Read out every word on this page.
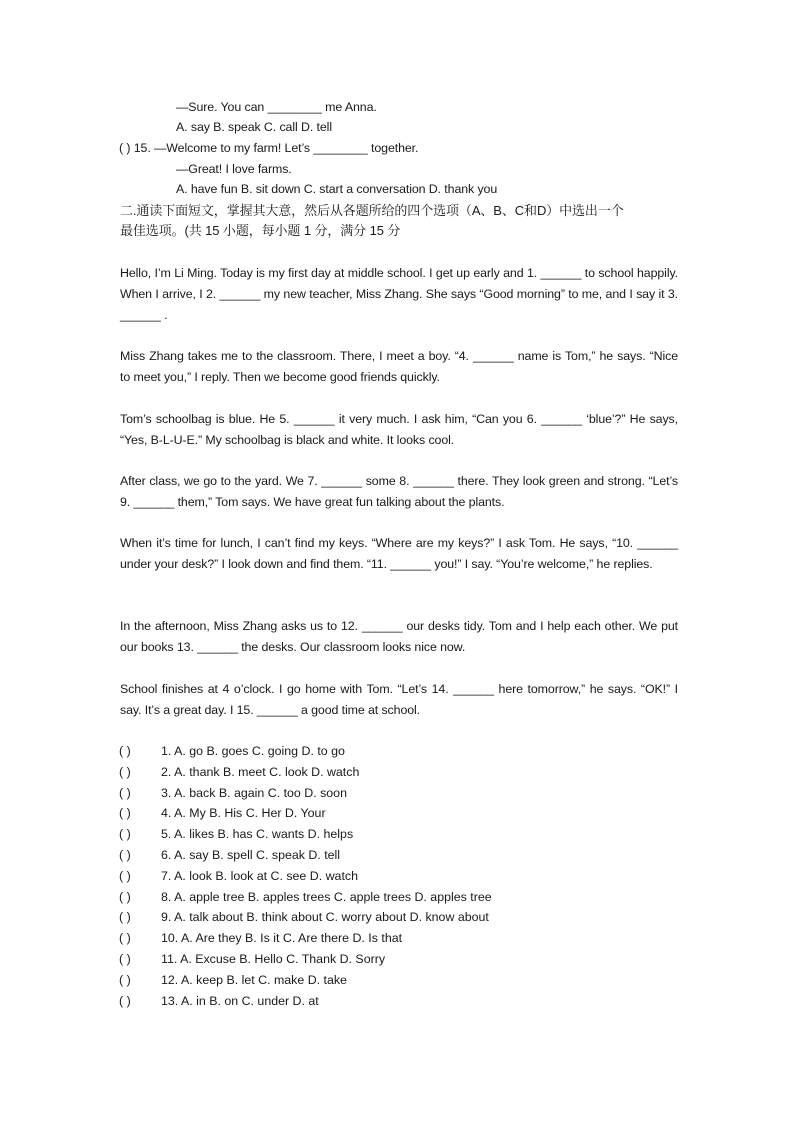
—Sure. You can ________ me Anna.
A. say B. speak C. call D. tell
( ) 15. —Welcome to my farm! Let’s ________ together.
—Great! I love farms.
A. have fun B. sit down C. start a conversation D. thank you
二.通读下面短文，掌握其大意，然后从各题所给的四个选项（A、B、C和D）中选出一个
最佳选项。(共 15 小题，每小题 1 分，满分 15 分
Hello, I’m Li Ming. Today is my first day at middle school. I get up early and 1. ______ to school happily. When I arrive, I 2. ______ my new teacher, Miss Zhang. She says “Good morning” to me, and I say it 3. ______ .
Miss Zhang takes me to the classroom. There, I meet a boy. “4. ______ name is Tom,” he says. “Nice to meet you,” I reply. Then we become good friends quickly.
Tom’s schoolbag is blue. He 5. ______ it very much. I ask him, “Can you 6. ______ ‘blue’?” He says, “Yes, B-L-U-E.” My schoolbag is black and white. It looks cool.
After class, we go to the yard. We 7. ______ some 8. ______ there. They look green and strong. “Let’s 9. ______ them,” Tom says. We have great fun talking about the plants.
When it’s time for lunch, I can’t find my keys. “Where are my keys?” I ask Tom. He says, “10. ______ under your desk?” I look down and find them. “11. ______ you!” I say. “You’re welcome,” he replies.
In the afternoon, Miss Zhang asks us to 12. ______ our desks tidy. Tom and I help each other. We put our books 13. ______ the desks. Our classroom looks nice now.
School finishes at 4 o’clock. I go home with Tom. “Let’s 14. ______ here tomorrow,” he says. “OK!” I say. It’s a great day. I 15. ______ a good time at school.
( ) 1. A. go B. goes C. going D. to go
( ) 2. A. thank B. meet C. look D. watch
( ) 3. A. back B. again C. too D. soon
( ) 4. A. My B. His C. Her D. Your
( ) 5. A. likes B. has C. wants D. helps
( ) 6. A. say B. spell C. speak D. tell
( ) 7. A. look B. look at C. see D. watch
( ) 8. A. apple tree B. apples trees C. apple trees D. apples tree
( ) 9. A. talk about B. think about C. worry about D. know about
( ) 10. A. Are they B. Is it C. Are there D. Is that
( ) 11. A. Excuse B. Hello C. Thank D. Sorry
( ) 12. A. keep B. let C. make D. take
( ) 13. A. in B. on C. under D. at
